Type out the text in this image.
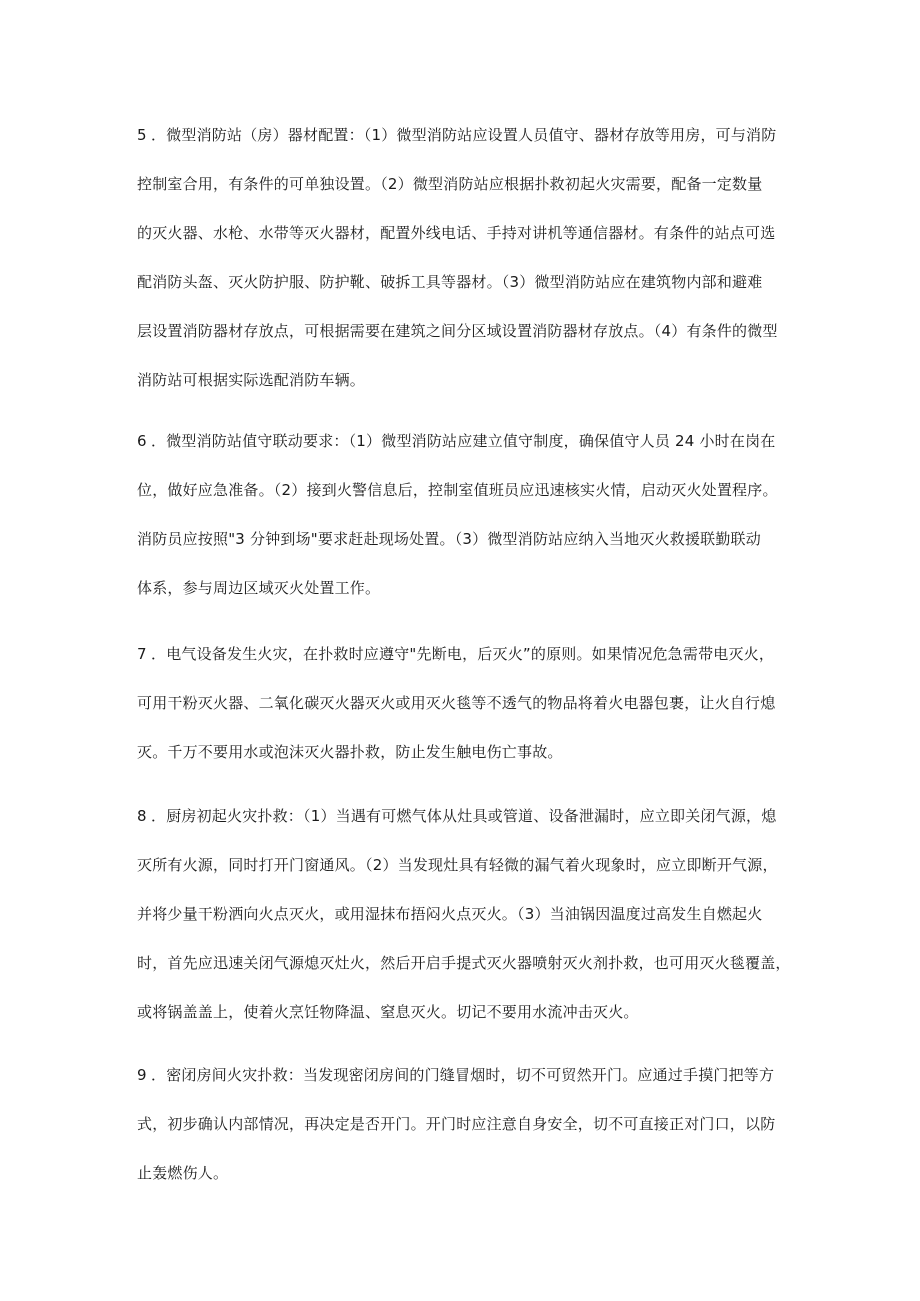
5 ．微型消防站（房）器材配置：（1）微型消防站应设置人员值守、器材存放等用房，可与消防
控制室合用，有条件的可单独设置。（2）微型消防站应根据扑救初起火灾需要，配备一定数量
的灭火器、水枪、水带等灭火器材，配置外线电话、手持对讲机等通信器材。有条件的站点可选
配消防头盔、灭火防护服、防护靴、破拆工具等器材。（3）微型消防站应在建筑物内部和避难
层设置消防器材存放点，可根据需要在建筑之间分区域设置消防器材存放点。（4）有条件的微型
消防站可根据实际选配消防车辆。
6 ．微型消防站值守联动要求：（1）微型消防站应建立值守制度，确保值守人员 24 小时在岗在
位，做好应急准备。（2）接到火警信息后，控制室值班员应迅速核实火情，启动灭火处置程序。
消防员应按照"3 分钟到场"要求赶赴现场处置。（3）微型消防站应纳入当地灭火救援联勤联动
体系，参与周边区域灭火处置工作。
7 ．电气设备发生火灾，在扑救时应遵守"先断电，后灭火”的原则。如果情况危急需带电灭火，
可用干粉灭火器、二氧化碳灭火器灭火或用灭火毯等不透气的物品将着火电器包裹，让火自行熄
灭。千万不要用水或泡沫灭火器扑救，防止发生触电伤亡事故。
8 ．厨房初起火灾扑救：（1）当遇有可燃气体从灶具或管道、设备泄漏时，应立即关闭气源，熄
灭所有火源，同时打开门窗通风。（2）当发现灶具有轻微的漏气着火现象时，应立即断开气源，
并将少量干粉洒向火点灭火，或用湿抹布捂闷火点灭火。（3）当油锅因温度过高发生自燃起火
时，首先应迅速关闭气源熄灭灶火，然后开启手提式灭火器喷射灭火剂扑救，也可用灭火毯覆盖，
或将锅盖盖上，使着火烹饪物降温、窒息灭火。切记不要用水流冲击灭火。
9 ．密闭房间火灾扑救：当发现密闭房间的门缝冒烟时，切不可贸然开门。应通过手摸门把等方
式，初步确认内部情况，再决定是否开门。开门时应注意自身安全，切不可直接正对门口，以防
止轰燃伤人。
